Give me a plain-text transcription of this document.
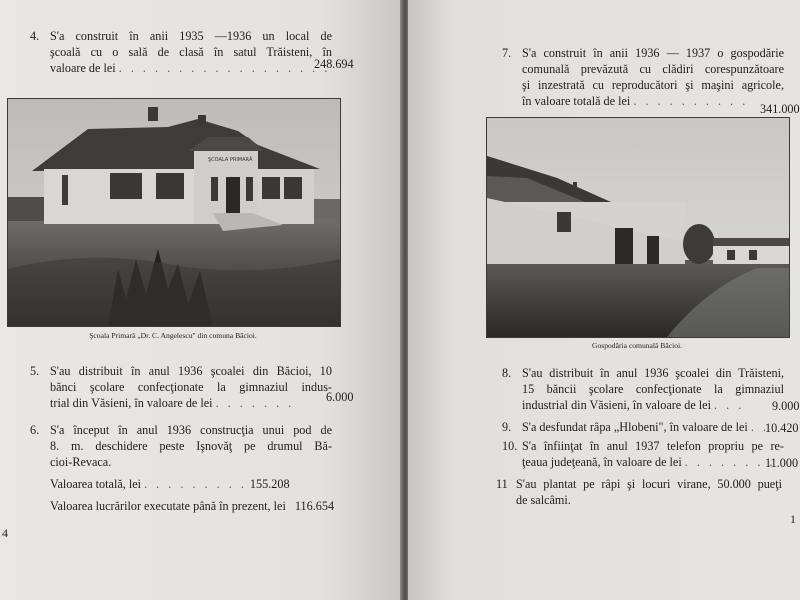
4. S'a construit în anii 1935 —1936 un local de
şcoală cu o sală de clasă în satul Trăisteni, în
valoare de lei . . . . . . . . . . . . . . . . . .
248.694
ŞCOALA PRIMARĂ
Şcoala Primară „Dr. C. Angelescu" din comuna Băcioi.
5. S'au distribuit în anul 1936 şcoalei din Băcioi, 10
bănci şcolare confecţionate la gimnaziul indus-
trial din Văsieni, în valoare de lei . . . . . . .	6.000
6. S'a început în anul 1936 construcţia unui pod de
8. m. deschidere peste Işnovăţ pe drumul Bă-
cioi-Revaca.
Valoarea totală, lei . . . . . . . . . 155.208
Valoarea lucrărilor executate până în prezent, lei 116.654
4
7. S'a construit în anii 1936 — 1937 o gospodărie
comunală prevăzută cu clădiri corespunzătoare
şi inzestrată cu reproducători şi maşini agricole,
în valoare totală de lei . . . . . . . . . .
341.000
Gospodăria comunală Băcioi.
8. S'au distribuit în anul 1936 şcoalei din Trăisteni,
15 băncii şcolare confecţionate la gimnaziul
industrial din Văsieni, în valoare de lei . . .	9.000
9. S'a desfundat râpa „Hlobeni", în valoare de lei . .
10.420
10. S'a înfiinţat în anul 1937 telefon propriu pe re-
ţeaua judeţeană, în valoare de lei . . . . . . . .
11.000
11 S'au plantat pe râpi şi locuri virane, 50.000 pueţi
de salcâmi.
1
